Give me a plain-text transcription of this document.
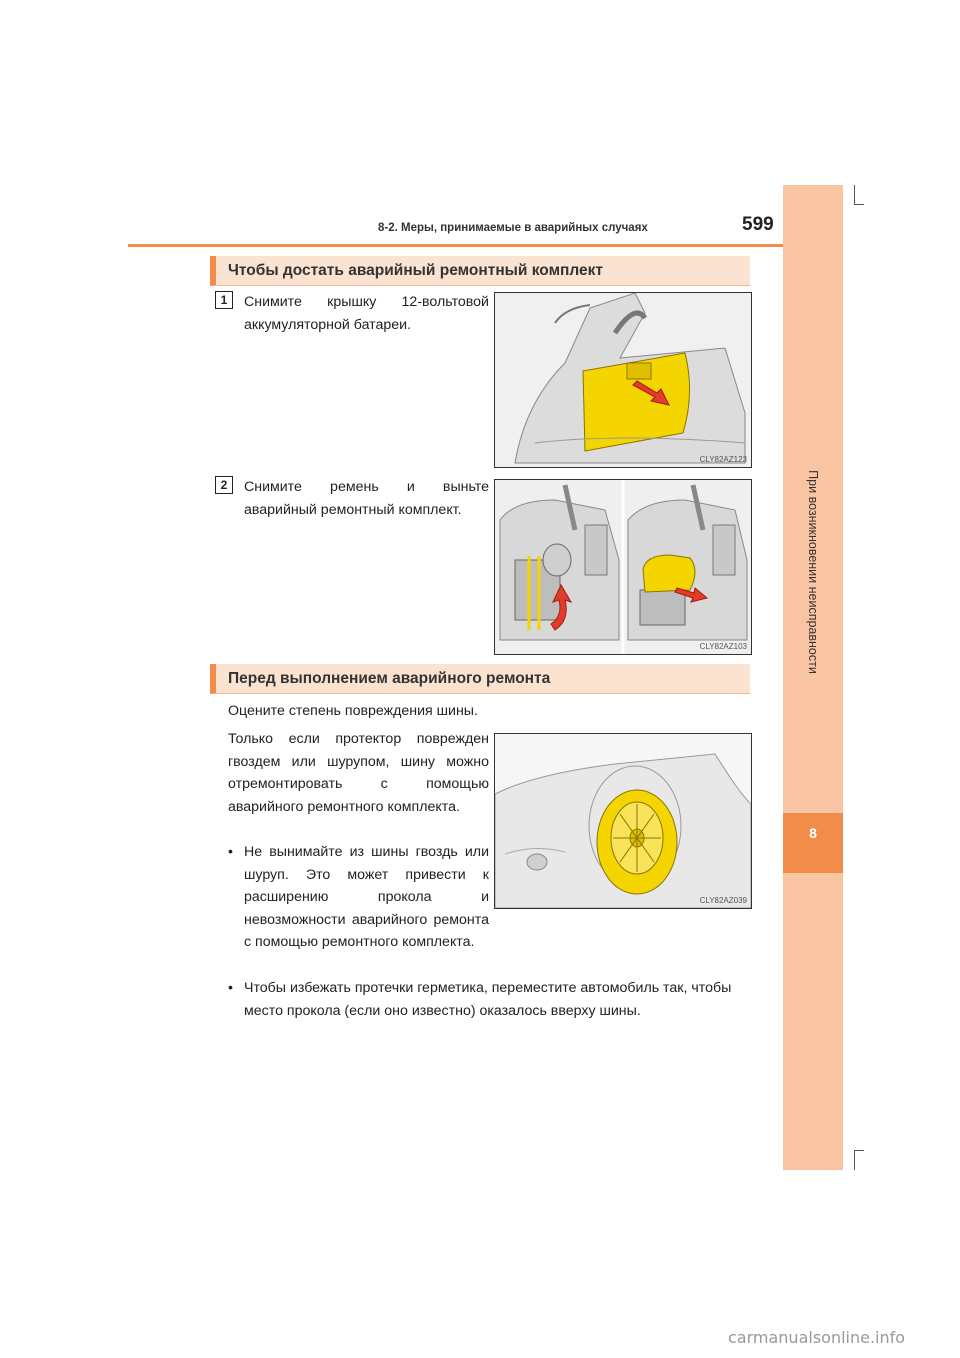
При возникновении неисправности
8
8-2. Меры, принимаемые в аварийных случаях	599
Чтобы достать аварийный ремонтный комплект
1	Снимите крышку 12-вольтовой аккумуляторной батареи.
CLY82AZ123
2	Снимите ремень и выньте аварийный ремонтный комплект.
CLY82AZ103
Перед выполнением аварийного ремонта
Оцените степень повреждения шины.
Только если протектор поврежден гвоздем или шурупом, шину можно отремонтировать с помощью аварийного ремонтного комплекта.
CLY82AZ039
• Не вынимайте из шины гвоздь или шуруп. Это может привести к расширению прокола и невозможности аварийного ремонта с помощью ремонтного комплекта.
• Чтобы избежать протечки герметика, переместите автомобиль так, чтобы место прокола (если оно известно) оказалось вверху шины.
carmanualsonline.info
